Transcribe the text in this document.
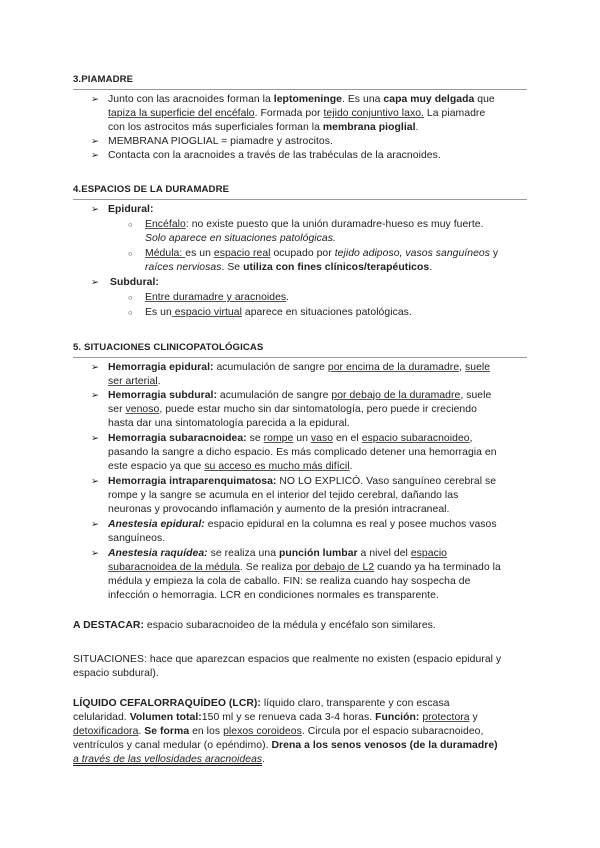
3.PIAMADRE
➢ Junto con las aracnoides forman la leptomeninge. Es una capa muy delgada que
tapiza la superficie del encéfalo. Formada por tejido conjuntivo laxo. La piamadre
con los astrocitos más superficiales forman la membrana pioglial.
➢ MEMBRANA PIOGLIAL = piamadre y astrocitos.
➢ Contacta con la aracnoides a través de las trabéculas de la aracnoides.
4.ESPACIOS DE LA DURAMADRE
➢ Epidural:
○ Encéfalo: no existe puesto que la unión duramadre-hueso es muy fuerte.
Solo aparece en situaciones patológicas.
○ Médula: es un espacio real ocupado por tejido adiposo, vasos sanguíneos y
raíces nerviosas. Se utiliza con fines clínicos/terapéuticos.
➢ Subdural:
○ Entre duramadre y aracnoides.
○ Es un espacio virtual aparece en situaciones patológicas.
5. SITUACIONES CLINICOPATOLÓGICAS
➢ Hemorragia epidural: acumulación de sangre por encima de la duramadre, suele
ser arterial.
➢ Hemorragia subdural: acumulación de sangre por debajo de la duramadre, suele
ser venoso, puede estar mucho sin dar sintomatología, pero puede ir creciendo
hasta dar una sintomatología parecida a la epidural.
➢ Hemorragia subaracnoidea: se rompe un vaso en el espacio subaracnoideo,
pasando la sangre a dicho espacio. Es más complicado detener una hemorragia en
este espacio ya que su acceso es mucho más difícil.
➢ Hemorragia intraparenquimatosa: NO LO EXPLICÓ. Vaso sanguíneo cerebral se
rompe y la sangre se acumula en el interior del tejido cerebral, dañando las
neuronas y provocando inflamación y aumento de la presión intracraneal.
➢ Anestesia epidural: espacio epidural en la columna es real y posee muchos vasos
sanguíneos.
➢ Anestesia raquídea: se realiza una punción lumbar a nivel del espacio
subaracnoidea de la médula. Se realiza por debajo de L2 cuando ya ha terminado la
médula y empieza la cola de caballo. FIN: se realiza cuando hay sospecha de
infección o hemorragia. LCR en condiciones normales es transparente.
A DESTACAR: espacio subaracnoideo de la médula y encéfalo son similares.
SITUACIONES: hace que aparezcan espacios que realmente no existen (espacio epidural y
espacio subdural).
LÍQUIDO CEFALORRAQUÍDEO (LCR): líquido claro, transparente y con escasa
celularidad. Volumen total:150 ml y se renueva cada 3-4 horas. Función: protectora y
detoxificadora. Se forma en los plexos coroideos. Circula por el espacio subaracnoideo,
ventrículos y canal medular (o epéndimo). Drena a los senos venosos (de la duramadre)
a través de las vellosidades aracnoideas.
